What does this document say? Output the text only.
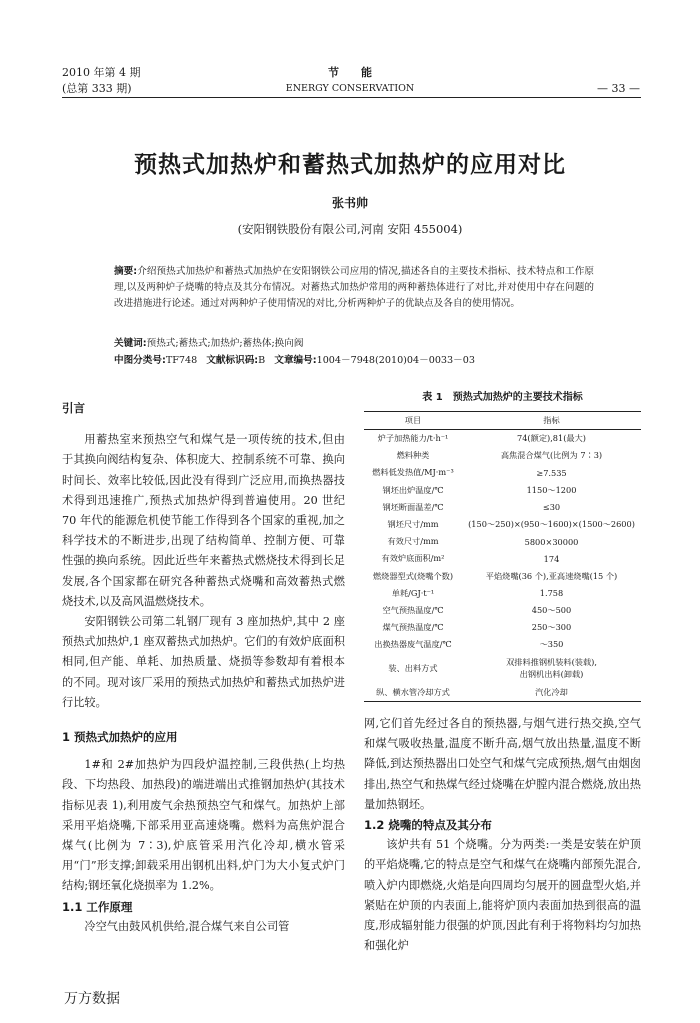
2010 年第 4 期
(总第 333 期)
节　　能
ENERGY CONSERVATION	— 33 —
预热式加热炉和蓄热式加热炉的应用对比
张书帅
(安阳钢铁股份有限公司,河南 安阳 455004)
摘要:介绍预热式加热炉和蓄热式加热炉在安阳钢铁公司应用的情况,描述各自的主要技术指标、技术特点和工作原理,以及两种炉子烧嘴的特点及其分布情况。对蓄热式加热炉常用的两种蓄热体进行了对比,并对使用中存在问题的改进措施进行论述。通过对两种炉子使用情况的对比,分析两种炉子的优缺点及各自的使用情况。
关键词:预热式;蓄热式;加热炉;蓄热体;换向阀
中图分类号:TF748 文献标识码:B 文章编号:1004－7948(2010)04－0033－03
引言

用蓄热室来预热空气和煤气是一项传统的技术,但由于其换向阀结构复杂、体积庞大、控制系统不可靠、换向时间长、效率比较低,因此没有得到广泛应用,而换热器技术得到迅速推广,预热式加热炉得到普遍使用。20 世纪 70 年代的能源危机使节能工作得到各个国家的重视,加之科学技术的不断进步,出现了结构简单、控制方便、可靠性强的换向系统。因此近些年来蓄热式燃烧技术得到长足发展,各个国家都在研究各种蓄热式烧嘴和高效蓄热式燃烧技术,以及高风温燃烧技术。

安阳钢铁公司第二轧钢厂现有 3 座加热炉,其中 2 座预热式加热炉,1 座双蓄热式加热炉。它们的有效炉底面积相同,但产能、单耗、加热质量、烧损等参数却有着根本的不同。现对该厂采用的预热式加热炉和蓄热式加热炉进行比较。

1 预热式加热炉的应用

1#和 2#加热炉为四段炉温控制,三段供热(上均热段、下均热段、加热段)的端进端出式推钢加热炉(其技术指标见表 1),利用废气余热预热空气和煤气。加热炉上部采用平焰烧嘴,下部采用亚高速烧嘴。燃料为高焦炉混合煤气(比例为 7∶3),炉底管采用汽化冷却,横水管采用“门”形支撑;卸载采用出钢机出料,炉门为大小复式炉门结构;钢坯氧化烧损率为 1.2%。

1.1 工作原理

冷空气由鼓风机供给,混合煤气来自公司管

表 1　预热式加热炉的主要技术指标
项目	指标
炉子加热能力/t·h⁻¹	74(额定),81(最大)
燃料种类	高焦混合煤气(比例为 7∶3)
燃料低发热值/MJ·m⁻³	≥7.535
钢坯出炉温度/℃	1150～1200
钢坯断面温差/℃	≤30
钢坯尺寸/mm	(150～250)×(950～1600)×(1500～2600)
有效尺寸/mm	5800×30000
有效炉底面积/m²	174
燃烧器型式(烧嘴个数)	平焰烧嘴(36 个),亚高速烧嘴(15 个)
单耗/GJ·t⁻¹	1.758
空气预热温度/℃	450～500
煤气预热温度/℃	250～300
出换热器废气温度/℃	～350
装、出料方式	双排料推钢机装料(装载),
出钢机出料(卸载)

纵、横水管冷却方式	汽化冷却

网,它们首先经过各自的预热器,与烟气进行热交换,空气和煤气吸收热量,温度不断升高,烟气放出热量,温度不断降低,到达预热器出口处空气和煤气完成预热,烟气由烟囱排出,热空气和热煤气经过烧嘴在炉膛内混合燃烧,放出热量加热钢坯。

1.2 烧嘴的特点及其分布

该炉共有 51 个烧嘴。分为两类:一类是安装在炉顶的平焰烧嘴,它的特点是空气和煤气在烧嘴内部预先混合,喷入炉内即燃烧,火焰是向四周均匀展开的圆盘型火焰,并紧贴在炉顶的内表面上,能将炉顶内表面加热到很高的温度,形成辐射能力很强的炉顶,因此有利于将物料均匀加热和强化炉

万方数据
